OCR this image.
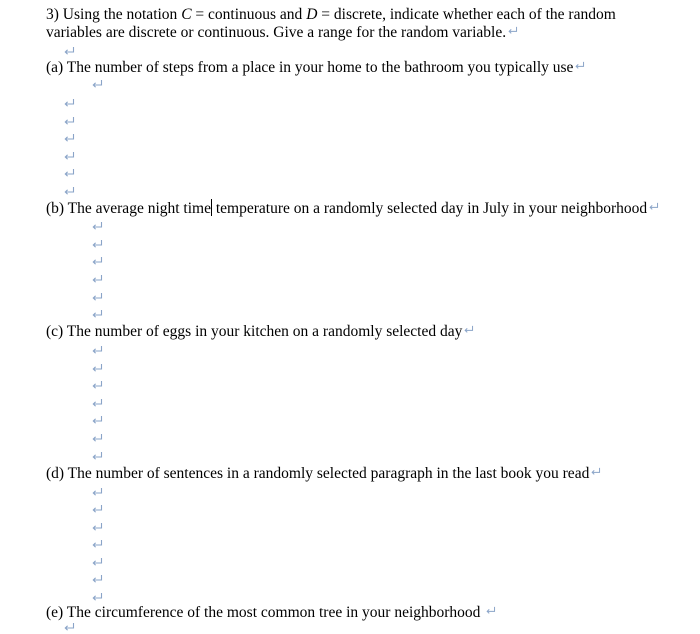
3) Using the notation C = continuous and D = discrete, indicate whether each of the random
variables are discrete or continuous. Give a range for the random variable.
(a) The number of steps from a place in your home to the bathroom you typically use
(b) The average night time temperature on a randomly selected day in July in your neighborhood
(c) The number of eggs in your kitchen on a randomly selected day
(d) The number of sentences in a randomly selected paragraph in the last book you read
(e) The circumference of the most common tree in your neighborhood
